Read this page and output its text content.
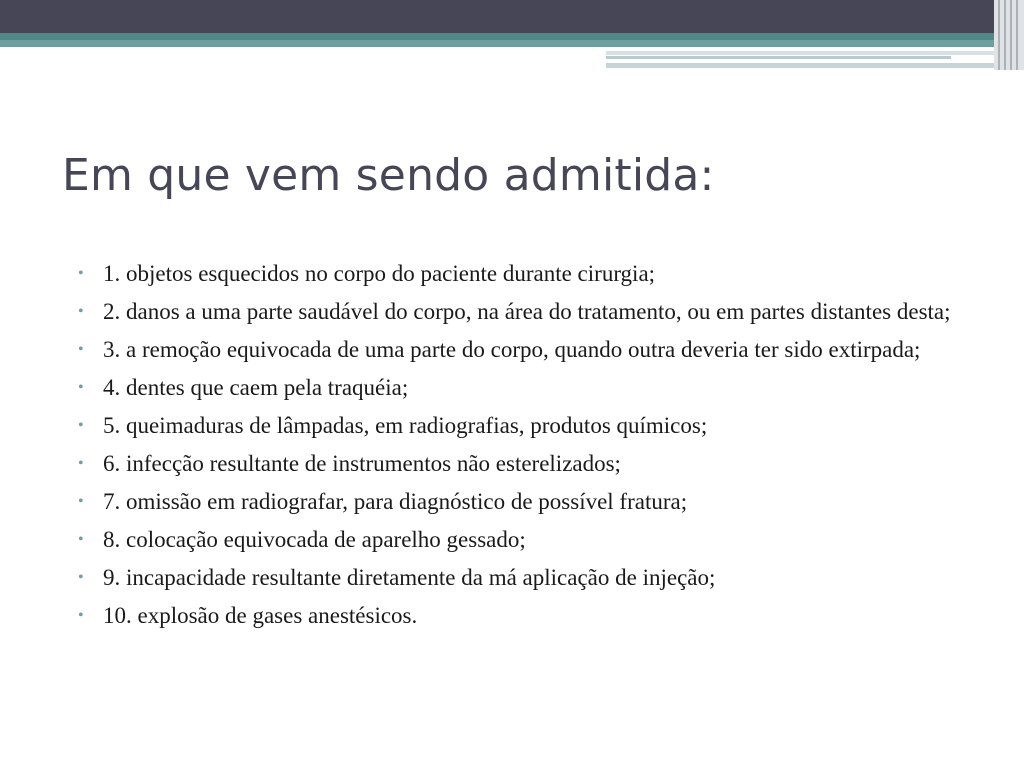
Em que vem sendo admitida:
• 1. objetos esquecidos no corpo do paciente durante cirurgia;
• 2. danos a uma parte saudável do corpo, na área do tratamento, ou em partes distantes desta;
• 3. a remoção equivocada de uma parte do corpo, quando outra deveria ter sido extirpada;
• 4. dentes que caem pela traquéia;
• 5. queimaduras de lâmpadas, em radiografias, produtos químicos;
• 6. infecção resultante de instrumentos não esterelizados;
• 7. omissão em radiografar, para diagnóstico de possível fratura;
• 8. colocação equivocada de aparelho gessado;
• 9. incapacidade resultante diretamente da má aplicação de injeção;
• 10. explosão de gases anestésicos.
